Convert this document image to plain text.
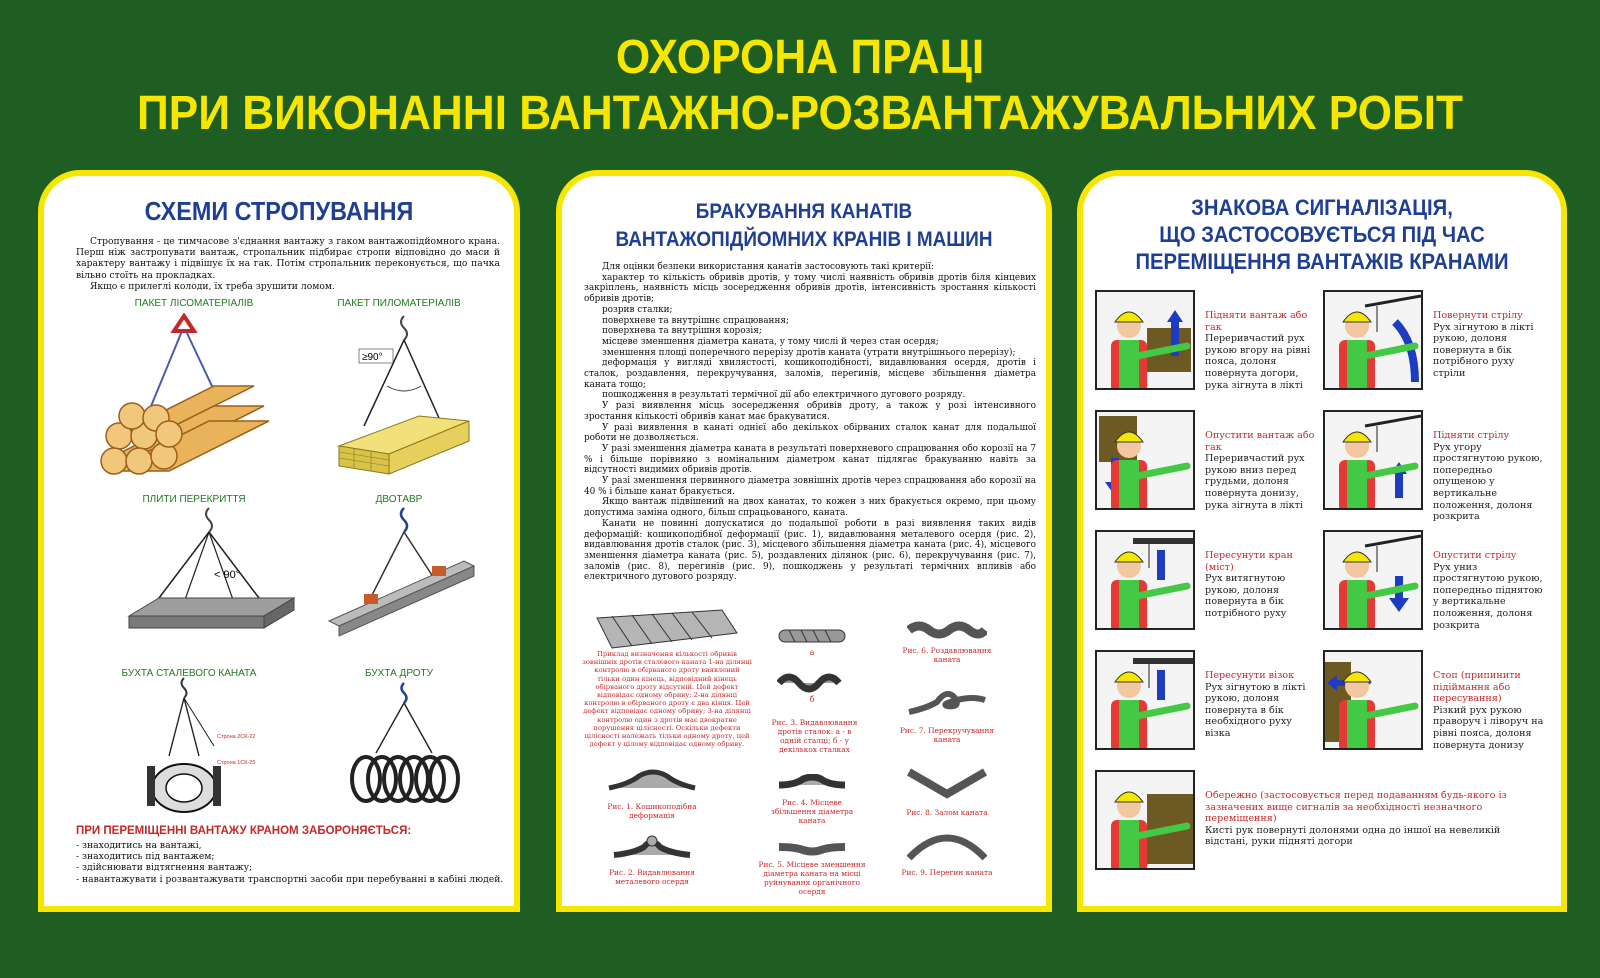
ОХОРОНА ПРАЦІ
ПРИ ВИКОНАННІ ВАНТАЖНО-РОЗВАНТАЖУВАЛЬНИХ РОБІТ
СХЕМИ СТРОПУВАННЯ

Стропування - це тимчасове з'єднання вантажу з гаком вантажопідйомного крана. Перш ніж застропувати вантаж, стропальник підбирає стропи відповідно до маси й характеру вантажу і підвішує їх на гак. Потім стропальник переконується, що пачка вільно стоїть на прокладках.

Якщо є прилеглі колоди, їх треба зрушити ломом.

ПАКЕТ ЛІСОМАТЕРІАЛІВ	ПАКЕТ ПИЛОМАТЕРІАЛІВ
≥90°
ПЛИТИ ПЕРЕКРИТТЯ	ДВОТАВР
< 90°
БУХТА СТАЛЕВОГО КАНАТА	БУХТА ДРОТУ
Строна 2СК-22
Строна 1СК-25
ПРИ ПЕРЕМІЩЕННІ ВАНТАЖУ КРАНОМ ЗАБОРОНЯЄТЬСЯ:
- знаходитись на вантажі,
- знаходитись під вантажем;
- здійснювати відтягнення вантажу;
- навантажувати і розвантажувати транспортні засоби при перебуванні в кабіні людей.
БРАКУВАННЯ КАНАТІВ
ВАНТАЖОПІДЙОМНИХ КРАНІВ І МАШИН

Для оцінки безпеки використання канатів застосовують такі критерії:

характер то кількість обривів дротів, у тому числі наявність обривів дротів біля кінцевих закріплень, наявність місць зосередження обривів дротів, інтенсивність зростання кількості обривів дротів;

розрив сталки;

поверхневе та внутрішнє спрацювання;

поверхнева та внутрішня корозія;

місцеве зменшення діаметра каната, у тому числі й через стан осердя;

зменшення площі поперечного перерізу дротів каната (утрати внутрішнього перерізу);

деформація у вигляді хвилястості, кошикоподібності, видавлювання осердя, дротів і сталок, роздавлення, перекручування, заломів, перегинів, місцеве збільшення діаметра каната тощо;

пошкодження в результаті термічної дії або електричного дугового розряду.

У разі виявлення місць зосередження обривів дроту, а також у розі інтенсивного зростання кількості обривів канат має бракуватися.

У разі виявлення в канаті однієї або декількох обірваних сталок канат для подальшої роботи не дозволяється.

У разі зменшення діаметра каната в результаті поверхневого спрацювання обо корозії на 7 % і більше порівняно з номінальним діаметром канат підлягає бракуванню навіть за відсутності видимих обривів дротів.

У разі зменшення первинного діаметра зовнішніх дротів через спрацювання або корозії на 40 % і більше канат бракується.

Якщо вантаж підвішений на двох канатах, то кожен з них бракується окремо, при цьому допустима заміна одного, більш спрацьованого, каната.

Канати не повинні допускатися до подальшої роботи в разі виявлення таких видів деформацій: кошикоподібної деформації (рис. 1), видавлювання металевого осердя (рис. 2), видавлювання дротів сталок (рис. 3), місцевого збільшення діаметра каната (рис. 4), місцевого зменшення діаметра каната (рис. 5), роздавлених ділянок (рис. 6), перекручування (рис. 7), заломів (рис. 8), перегинів (рис. 9), пошкоджень у результаті термічних впливів або електричного дугового розряду.

Приклад визначення кількості обривів зовнішніх дротів сталевого каната 1-на ділянці контролю в обірваного дроту виявлений тільки один кінець, відповідний кінець обірваного дроту відсутній. Цей дефект відповідає одному обриву; 2-на ділянці контролю в обірваного дроту є два кінця. Цей дефект відповідає одному обриву; 3-на ділянці контролю один з дротів має двократне порушення цілісності. Оскільки дефекти цілісності належать тільки одному дроту, цей дефект у цілому відповідає одному обриву.
а
б
Рис. 3. Видавлювання дротів сталок: а - в одній сталці; б - у декількох сталках
Рис. 6. Роздавлювання каната
Рис. 7. Перекручування каната
Рис. 1. Кошикоподібна деформація
Рис. 4. Місцеве збільшення діаметра каната
Рис. 8. Залом каната
Рис. 2. Видавлювання металевого осердя
Рис. 5. Місцеве зменшення діаметра каната на місці руйнування органічного осердя
Рис. 9. Перегин каната
ЗНАКОВА СИГНАЛІЗАЦІЯ,
ЩО ЗАСТОСОВУЄТЬСЯ ПІД ЧАС
ПЕРЕМІЩЕННЯ ВАНТАЖІВ КРАНАМИ
Підняти вантаж або гак
Переривчастий рух рукою вгору на рівні пояса, долоня повернута догори, рука зігнута в лікті
Повернути стрілу
Рух зігнутою в лікті рукою, долоня повернута в бік потрібного руху стріли
Опустити вантаж або гак
Переривчастий рух рукою вниз перед грудьми, долоня повернута донизу, рука зігнута в лікті
Підняти стрілу
Рух угору простягнутою рукою, попередньо опущеною у вертикальне положення, долоня розкрита
Пересунути кран (міст)
Рух витягнутою рукою, долоня повернута в бік потрібного руху
Опустити стрілу
Рух униз простягнутою рукою, попередньо піднятою у вертикальне положення, долоня розкрита
Пересунути візок
Рух зігнутою в лікті рукою, долоня повернута в бік необхідного руху візка
Стоп (припинити підіймання або пересування)
Різкий рух рукою праворуч і ліворуч на рівні пояса, долоня повернута донизу
Обережно (застосовується перед подаванням будь-якого із зазначених вище сигналів за необхідності незначного переміщення)
Кисті рук повернуті долонями одна до іншої на невеликій відстані, руки підняті догори
